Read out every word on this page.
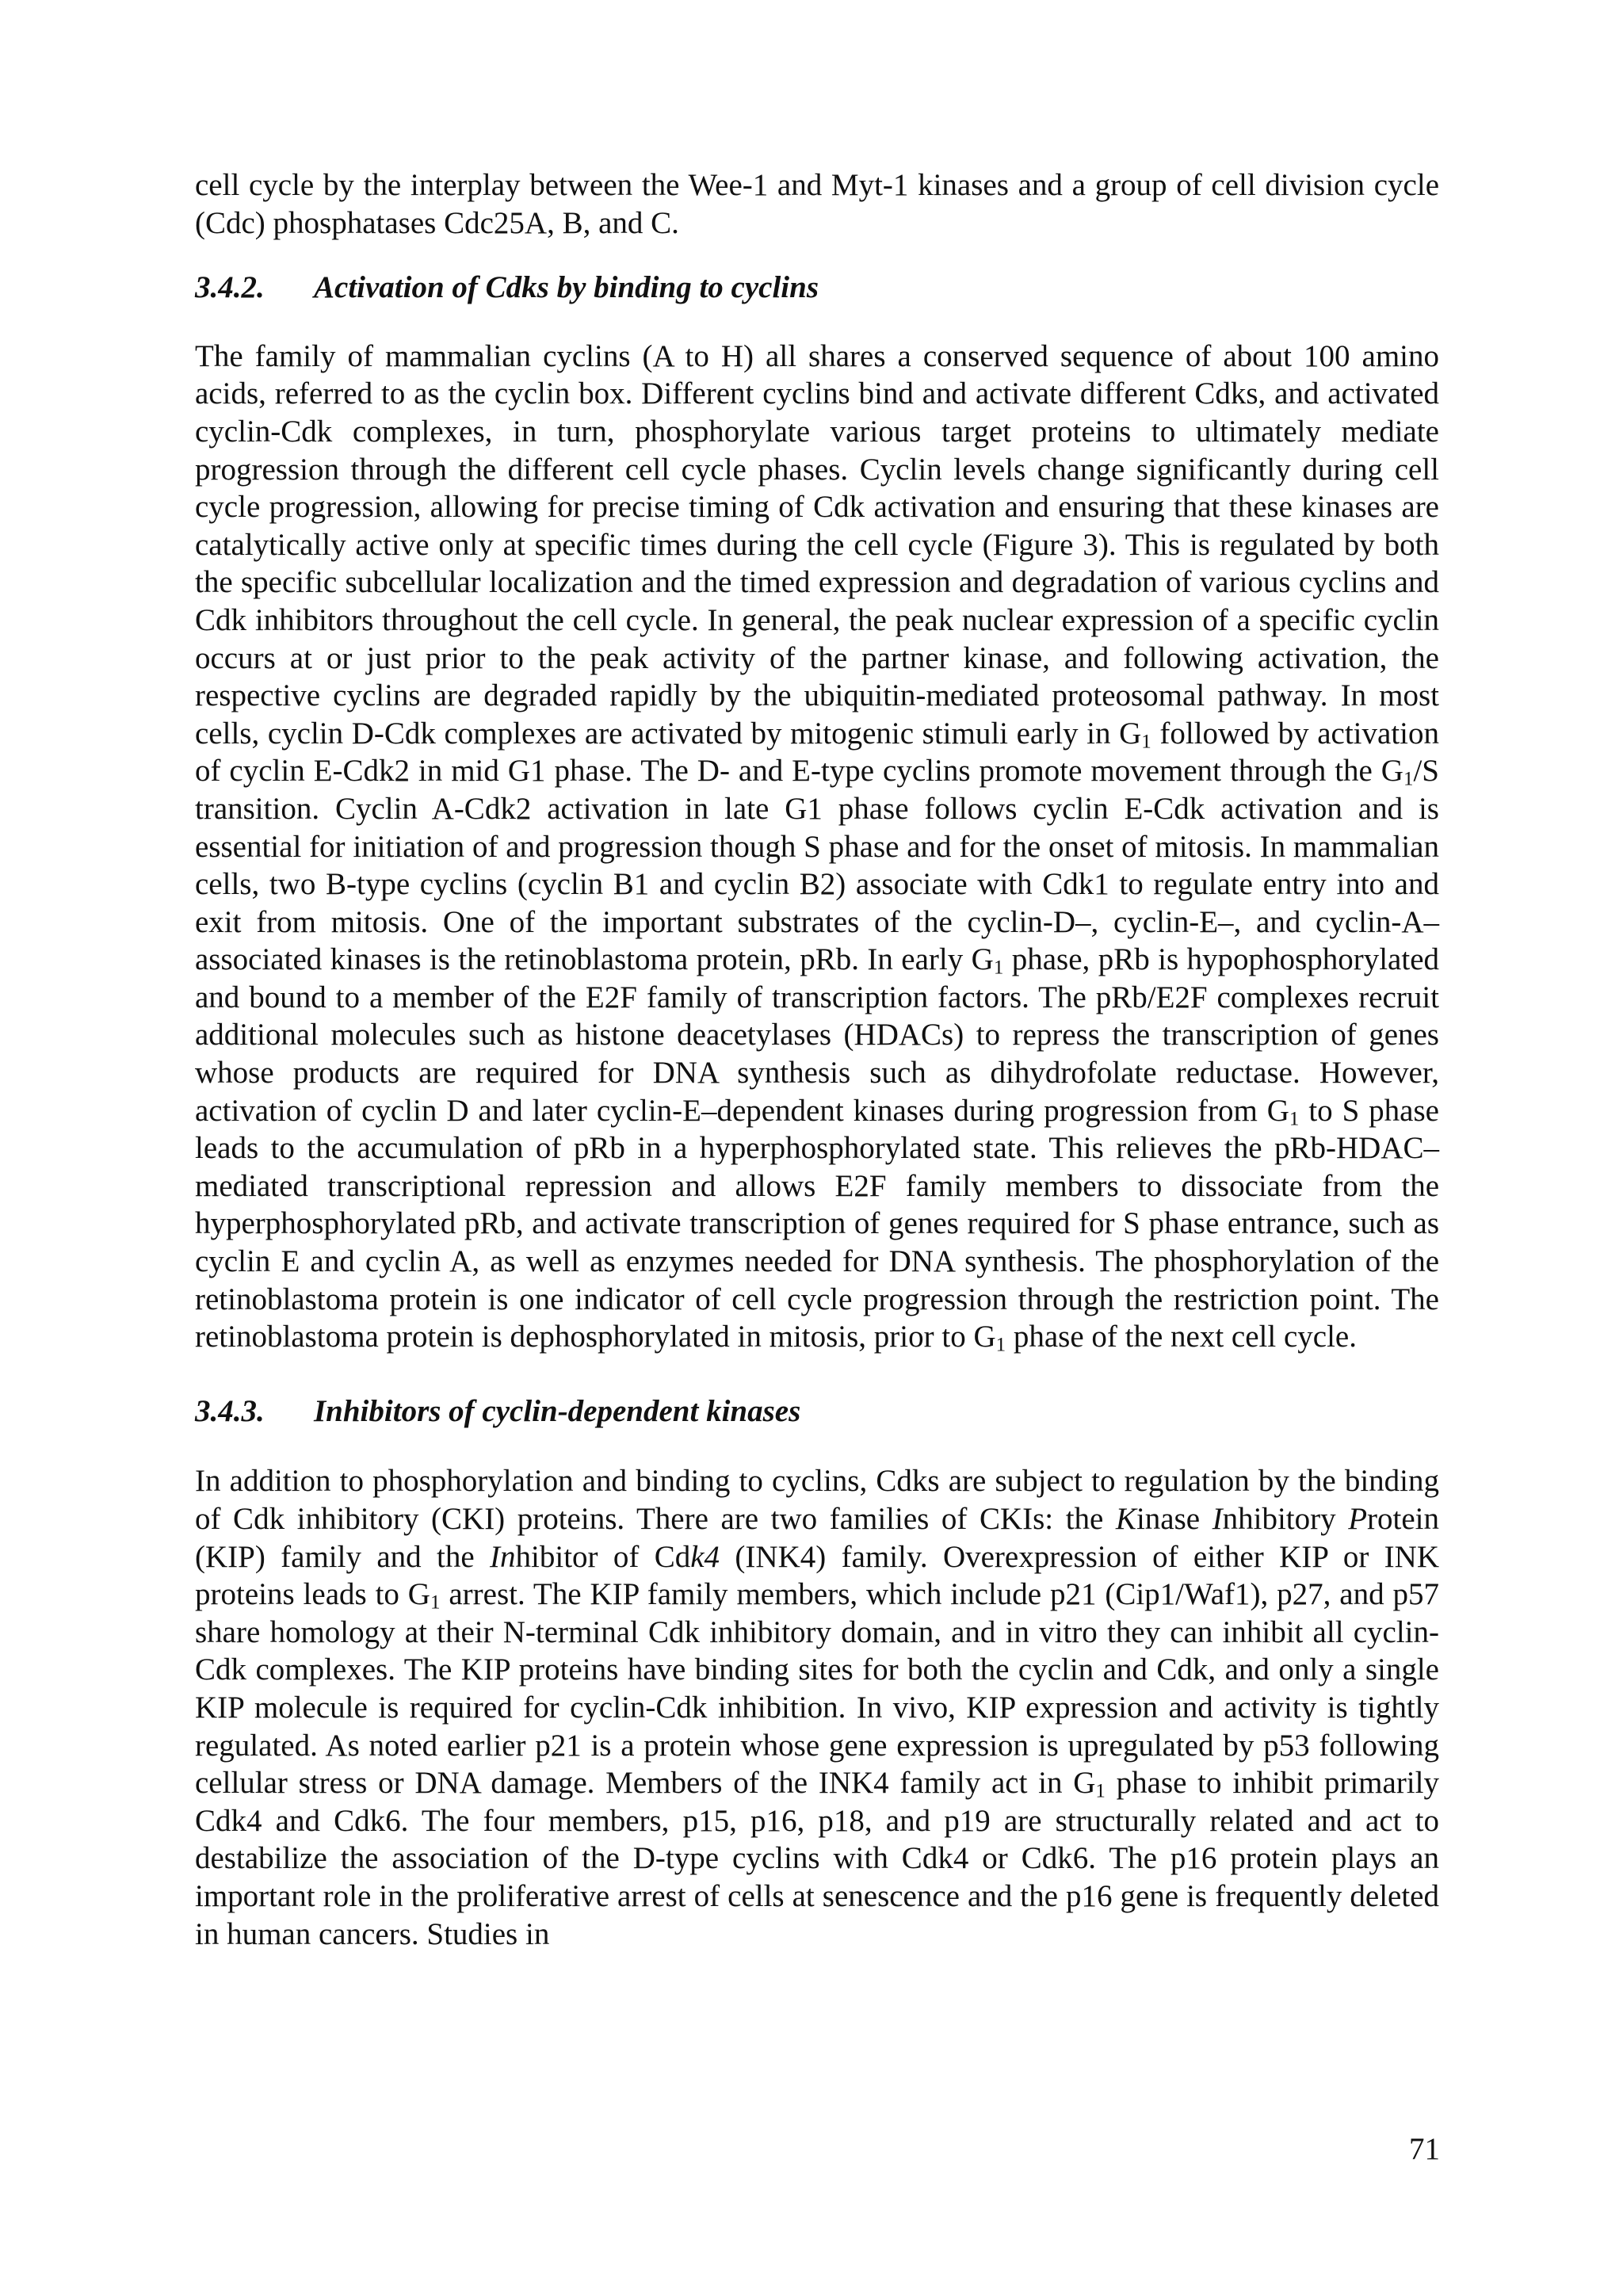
cell cycle by the interplay between the Wee-1 and Myt-1 kinases and a group of cell division cycle (Cdc) phosphatases Cdc25A, B, and C.

3.4.2. Activation of Cdks by binding to cyclins

The family of mammalian cyclins (A to H) all shares a conserved sequence of about 100 amino acids, referred to as the cyclin box. Different cyclins bind and activate different Cdks, and activated cyclin-Cdk complexes, in turn, phosphorylate various target proteins to ultimately mediate progression through the different cell cycle phases. Cyclin levels change significantly during cell cycle progression, allowing for precise timing of Cdk activation and ensuring that these kinases are catalytically active only at specific times during the cell cycle (Figure 3). This is regulated by both the specific subcellular localization and the timed expression and degradation of various cyclins and Cdk inhibitors throughout the cell cycle. In general, the peak nuclear expression of a specific cyclin occurs at or just prior to the peak activity of the partner kinase, and following activation, the respective cyclins are degraded rapidly by the ubiquitin-mediated proteosomal pathway. In most cells, cyclin D-Cdk complexes are activated by mitogenic stimuli early in $G_1$ followed by activation of cyclin E-Cdk2 in mid G1 phase. The D- and E-type cyclins promote movement through the $G_1/S$ transition. Cyclin A-Cdk2 activation in late G1 phase follows cyclin E-Cdk activation and is essential for initiation of and progression though S phase and for the onset of mitosis. In mammalian cells, two B-type cyclins (cyclin B1 and cyclin B2) associate with Cdk1 to regulate entry into and exit from mitosis. One of the important substrates of the cyclin-D–, cyclin-E–, and cyclin-A–associated kinases is the retinoblastoma protein, pRb. In early $G_1$ phase, pRb is hypophosphorylated and bound to a member of the E2F family of transcription factors. The pRb/E2F complexes recruit additional molecules such as histone deacetylases (HDACs) to repress the transcription of genes whose products are required for DNA synthesis such as dihydrofolate reductase. However, activation of cyclin D and later cyclin-E–dependent kinases during progression from $G_1$ to S phase leads to the accumulation of pRb in a hyperphosphorylated state. This relieves the pRb-HDAC–mediated transcriptional repression and allows E2F family members to dissociate from the hyperphosphorylated pRb, and activate transcription of genes required for S phase entrance, such as cyclin E and cyclin A, as well as enzymes needed for DNA synthesis. The phosphorylation of the retinoblastoma protein is one indicator of cell cycle progression through the restriction point. The retinoblastoma protein is dephosphorylated in mitosis, prior to $G_1$ phase of the next cell cycle.

3.4.3. Inhibitors of cyclin-dependent kinases

In addition to phosphorylation and binding to cyclins, Cdks are subject to regulation by the binding of Cdk inhibitory (CKI) proteins. There are two families of CKIs: the Kinase Inhibitory Protein (KIP) family and the Inhibitor of Cdk4 (INK4) family. Overexpression of either KIP or INK proteins leads to $G_1$ arrest. The KIP family members, which include p21 (Cip1/Waf1), p27, and p57 share homology at their N-terminal Cdk inhibitory domain, and in vitro they can inhibit all cyclin-Cdk complexes. The KIP proteins have binding sites for both the cyclin and Cdk, and only a single KIP molecule is required for cyclin-Cdk inhibition. In vivo, KIP expression and activity is tightly regulated. As noted earlier p21 is a protein whose gene expression is upregulated by p53 following cellular stress or DNA damage. Members of the INK4 family act in $G_1$ phase to inhibit primarily Cdk4 and Cdk6. The four members, p15, p16, p18, and p19 are structurally related and act to destabilize the association of the D-type cyclins with Cdk4 or Cdk6. The p16 protein plays an important role in the proliferative arrest of cells at senescence and the p16 gene is frequently deleted in human cancers. Studies in

71
